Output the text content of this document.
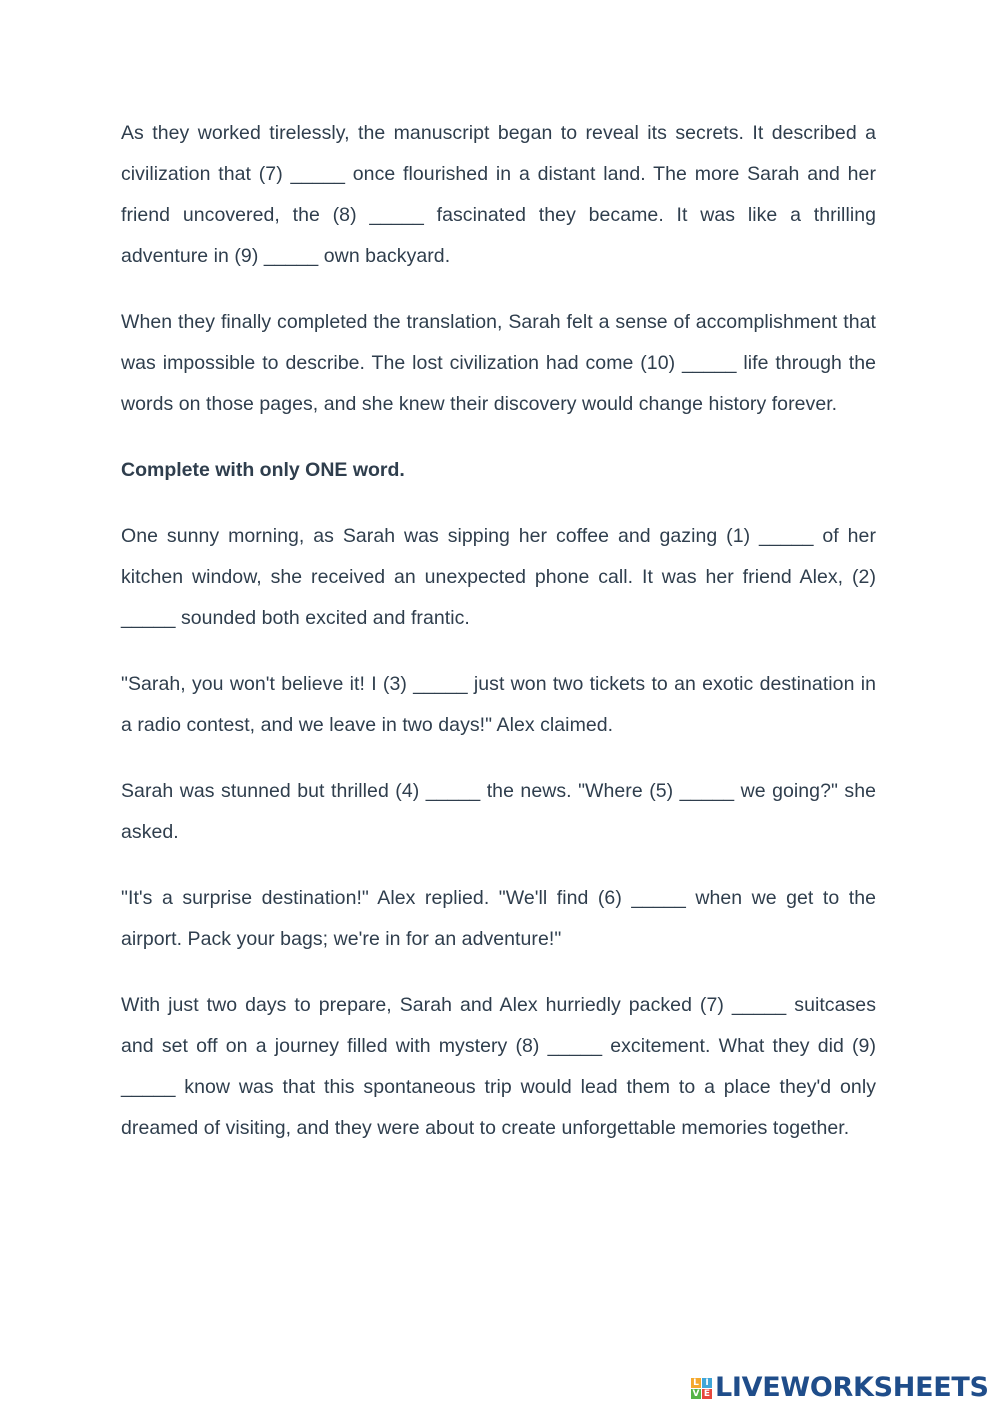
As they worked tirelessly, the manuscript began to reveal its secrets. It described a civilization that (7) _____ once flourished in a distant land. The more Sarah and her friend uncovered, the (8) _____ fascinated they became. It was like a thrilling adventure in (9) _____ own backyard.

When they finally completed the translation, Sarah felt a sense of accomplishment that was impossible to describe. The lost civilization had come (10) _____ life through the words on those pages, and she knew their discovery would change history forever.

Complete with only ONE word.

One sunny morning, as Sarah was sipping her coffee and gazing (1) _____ of her kitchen window, she received an unexpected phone call. It was her friend Alex, (2) _____ sounded both excited and frantic.

"Sarah, you won't believe it! I (3) _____ just won two tickets to an exotic destination in a radio contest, and we leave in two days!" Alex claimed.

Sarah was stunned but thrilled (4) _____ the news. "Where (5) _____ we going?" she asked.

"It's a surprise destination!" Alex replied. "We'll find (6) _____ when we get to the airport. Pack your bags; we're in for an adventure!"

With just two days to prepare, Sarah and Alex hurriedly packed (7) _____ suitcases and set off on a journey filled with mystery (8) _____ excitement. What they did (9) _____ know was that this spontaneous trip would lead them to a place they'd only dreamed of visiting, and they were about to create unforgettable memories together.

L I
V E LIVEWORKSHEETS
